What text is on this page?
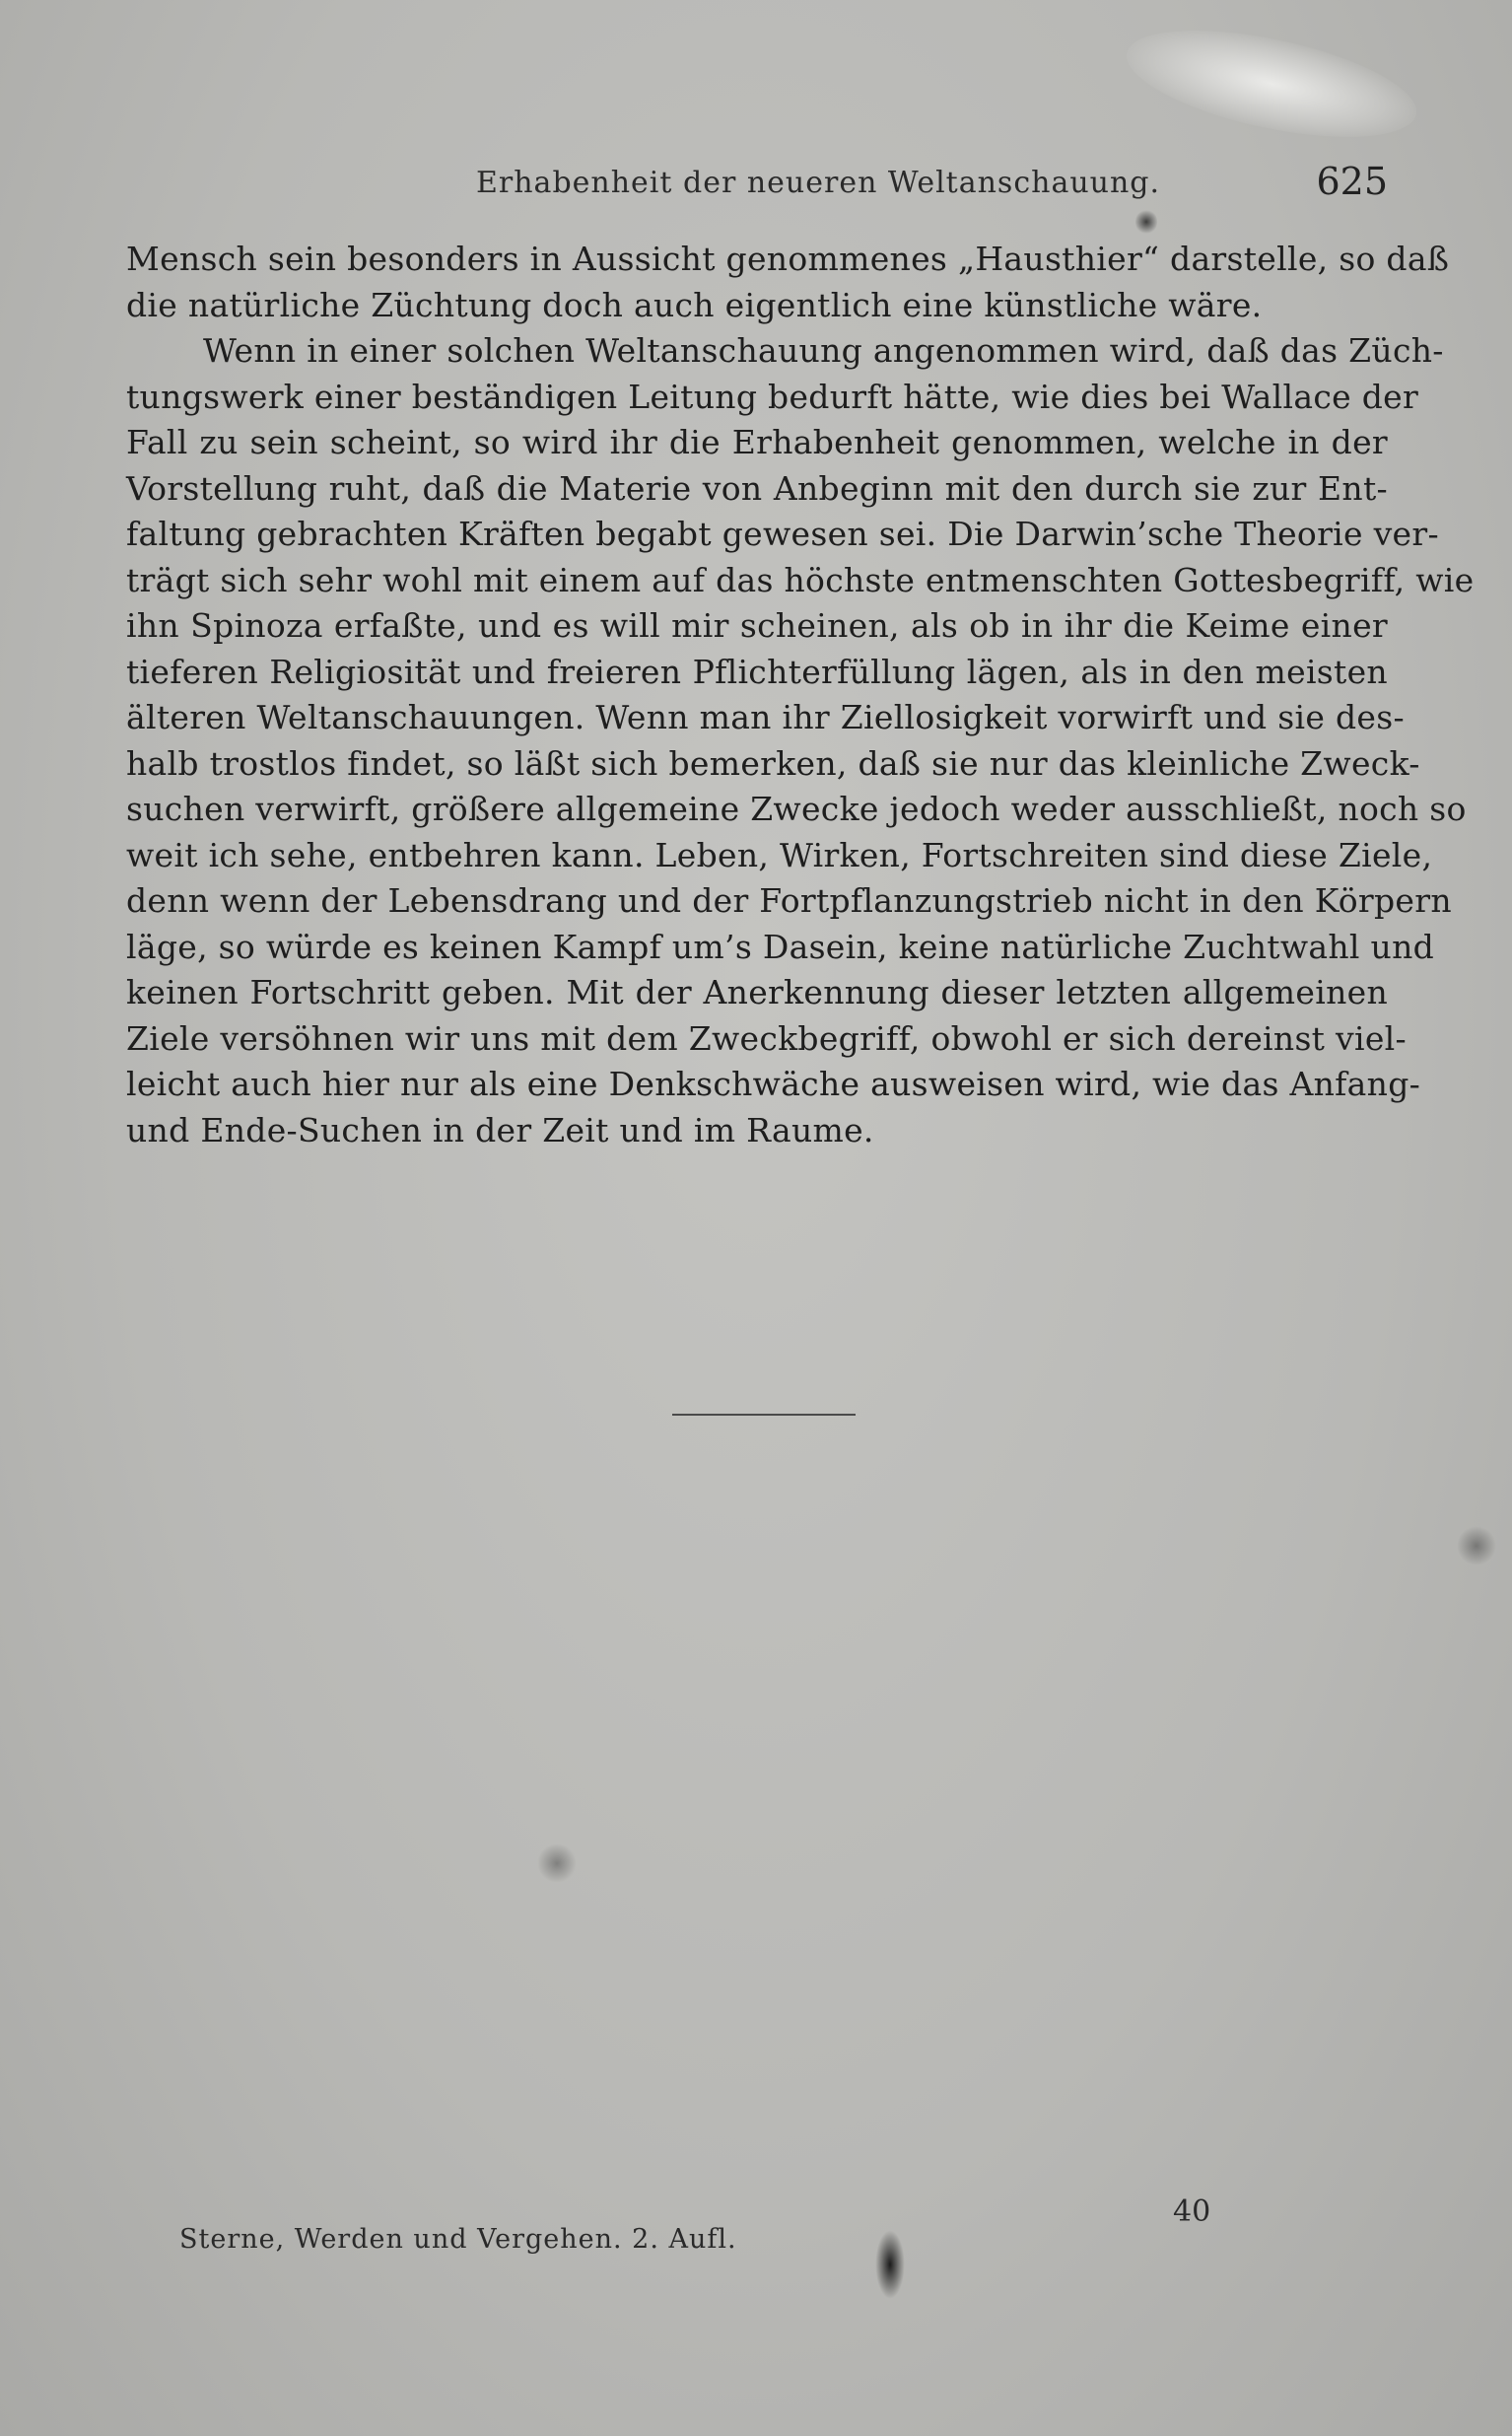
Erhabenheit der neueren Weltanschauung.	625
Mensch sein besonders in Aussicht genommenes „Hausthier“ darstelle, so daß
die natürliche Züchtung doch auch eigentlich eine künstliche wäre.
Wenn in einer solchen Weltanschauung angenommen wird, daß das Züch-
tungswerk einer beständigen Leitung bedurft hätte, wie dies bei Wallace der
Fall zu sein scheint, so wird ihr die Erhabenheit genommen, welche in der
Vorstellung ruht, daß die Materie von Anbeginn mit den durch sie zur Ent-
faltung gebrachten Kräften begabt gewesen sei. Die Darwin’sche Theorie ver-
trägt sich sehr wohl mit einem auf das höchste entmenschten Gottesbegriff, wie
ihn Spinoza erfaßte, und es will mir scheinen, als ob in ihr die Keime einer
tieferen Religiosität und freieren Pflichterfüllung lägen, als in den meisten
älteren Weltanschauungen. Wenn man ihr Ziellosigkeit vorwirft und sie des-
halb trostlos findet, so läßt sich bemerken, daß sie nur das kleinliche Zweck-
suchen verwirft, größere allgemeine Zwecke jedoch weder ausschließt, noch so
weit ich sehe, entbehren kann. Leben, Wirken, Fortschreiten sind diese Ziele,
denn wenn der Lebensdrang und der Fortpflanzungstrieb nicht in den Körpern
läge, so würde es keinen Kampf um’s Dasein, keine natürliche Zuchtwahl und
keinen Fortschritt geben. Mit der Anerkennung dieser letzten allgemeinen
Ziele versöhnen wir uns mit dem Zweckbegriff, obwohl er sich dereinst viel-
leicht auch hier nur als eine Denkschwäche ausweisen wird, wie das Anfang-
und Ende-Suchen in der Zeit und im Raume.
Sterne, Werden und Vergehen. 2. Aufl.
40
